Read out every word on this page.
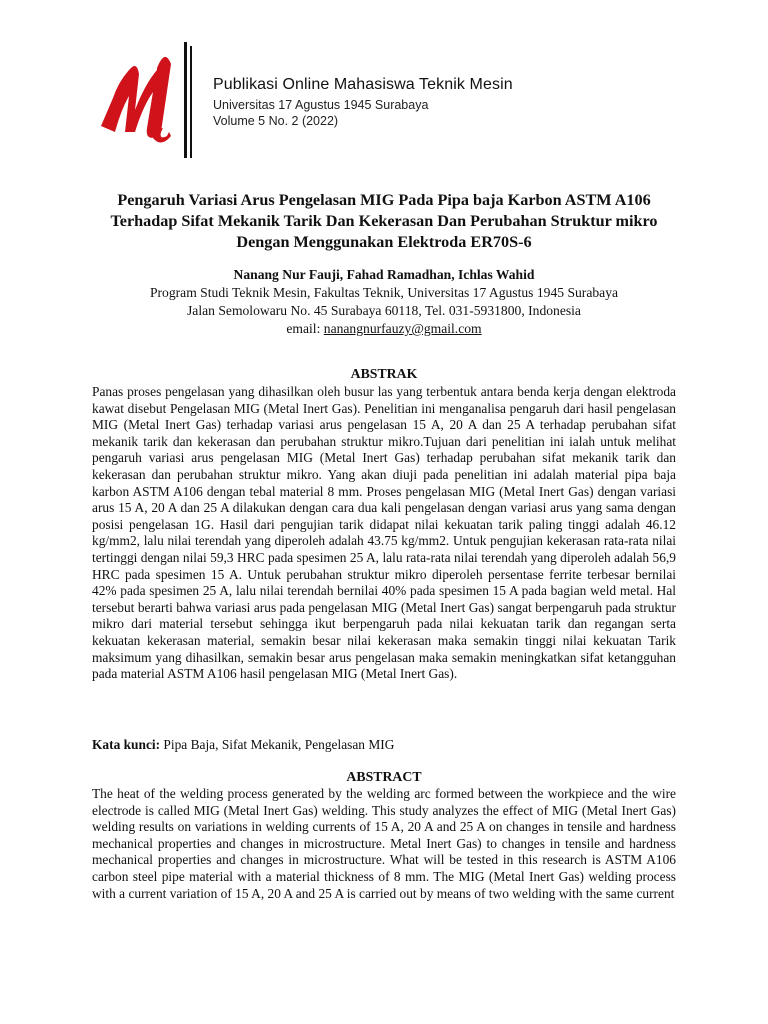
Publikasi Online Mahasiswa Teknik Mesin
Universitas 17 Agustus 1945 Surabaya
Volume 5 No. 2 (2022)
Pengaruh Variasi Arus Pengelasan MIG Pada Pipa baja Karbon ASTM A106 Terhadap Sifat Mekanik Tarik Dan Kekerasan Dan Perubahan Struktur mikro Dengan Menggunakan Elektroda ER70S-6
Nanang Nur Fauji, Fahad Ramadhan, Ichlas Wahid
Program Studi Teknik Mesin, Fakultas Teknik, Universitas 17 Agustus 1945 Surabaya
Jalan Semolowaru No. 45 Surabaya 60118, Tel. 031-5931800, Indonesia
email: nanangnurfauzy@gmail.com
ABSTRAK
Panas proses pengelasan yang dihasilkan oleh busur las yang terbentuk antara benda kerja dengan elektroda kawat disebut Pengelasan MIG (Metal Inert Gas). Penelitian ini menganalisa pengaruh dari hasil pengelasan MIG (Metal Inert Gas) terhadap variasi arus pengelasan 15 A, 20 A dan 25 A terhadap perubahan sifat mekanik tarik dan kekerasan dan perubahan struktur mikro.Tujuan dari penelitian ini ialah untuk melihat pengaruh variasi arus pengelasan MIG (Metal Inert Gas) terhadap perubahan sifat mekanik tarik dan kekerasan dan perubahan struktur mikro. Yang akan diuji pada penelitian ini adalah material pipa baja karbon ASTM A106 dengan tebal material 8 mm. Proses pengelasan MIG (Metal Inert Gas) dengan variasi arus 15 A, 20 A dan 25 A dilakukan dengan cara dua kali pengelasan dengan variasi arus yang sama dengan posisi pengelasan 1G. Hasil dari pengujian tarik didapat nilai kekuatan tarik paling tinggi adalah 46.12 kg/mm2, lalu nilai terendah yang diperoleh adalah 43.75 kg/mm2. Untuk pengujian kekerasan rata-rata nilai tertinggi dengan nilai 59,3 HRC pada spesimen 25 A, lalu rata-rata nilai terendah yang diperoleh adalah 56,9 HRC pada spesimen 15 A. Untuk perubahan struktur mikro diperoleh persentase ferrite terbesar bernilai 42% pada spesimen 25 A, lalu nilai terendah bernilai 40% pada spesimen 15 A pada bagian weld metal. Hal tersebut berarti bahwa variasi arus pada pengelasan MIG (Metal Inert Gas) sangat berpengaruh pada struktur mikro dari material tersebut sehingga ikut berpengaruh pada nilai kekuatan tarik dan regangan serta kekuatan kekerasan material, semakin besar nilai kekerasan maka semakin tinggi nilai kekuatan Tarik maksimum yang dihasilkan, semakin besar arus pengelasan maka semakin meningkatkan sifat ketangguhan pada material ASTM A106 hasil pengelasan MIG (Metal Inert Gas).
Kata kunci: Pipa Baja, Sifat Mekanik, Pengelasan MIG
ABSTRACT
The heat of the welding process generated by the welding arc formed between the workpiece and the wire electrode is called MIG (Metal Inert Gas) welding. This study analyzes the effect of MIG (Metal Inert Gas) welding results on variations in welding currents of 15 A, 20 A and 25 A on changes in tensile and hardness mechanical properties and changes in microstructure. Metal Inert Gas) to changes in tensile and hardness mechanical properties and changes in microstructure. What will be tested in this research is ASTM A106 carbon steel pipe material with a material thickness of 8 mm. The MIG (Metal Inert Gas) welding process with a current variation of 15 A, 20 A and 25 A is carried out by means of two welding with the same current
